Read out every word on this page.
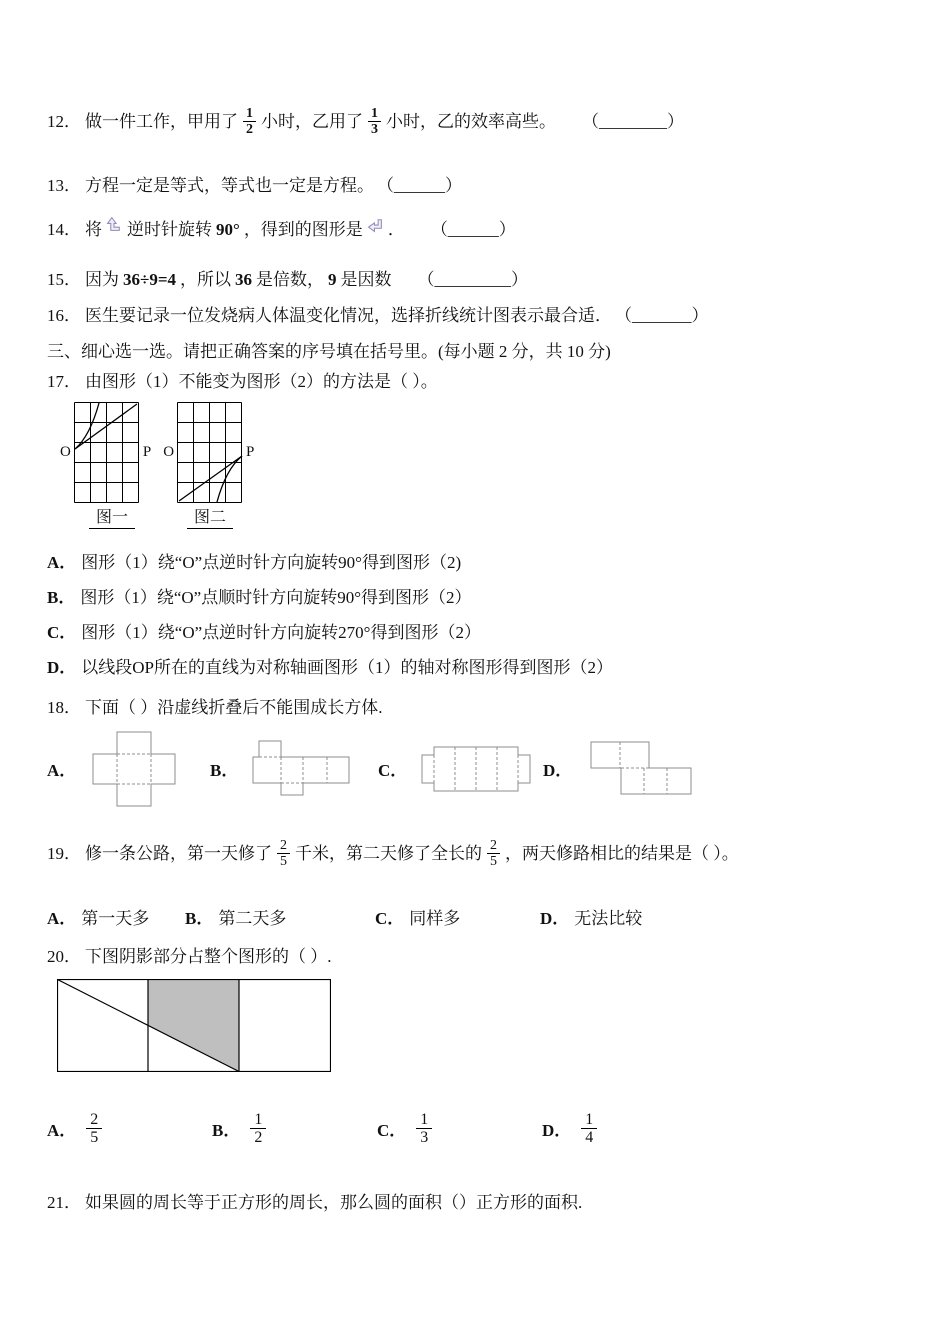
12． 做一件工作，甲用了 $\frac{1}{2}$ 小时，乙用了 $\frac{1}{3}$ 小时，乙的效率高些。 （________）
13． 方程一定是等式，等式也一定是方程。 （______）
14． 将 逆时针旋转 90° ，得到的图形是 ． （______）
15． 因为 36÷9=4 ，所以 36 是倍数， 9 是因数 （_________）
16． 医生要记录一位发烧病人体温变化情况，选择折线统计图表示最合适． （_______）
三、细心选一选。请把正确答案的序号填在括号里。(每小题 2 分，共 10 分)
17． 由图形（1）不能变为图形（2）的方法是（ ）。
O	P O	P
图一	图二
A． 图形（1）绕“O”点逆时针方向旋转90°得到图形（2)
B． 图形（1）绕“O”点顺时针方向旋转90°得到图形（2）
C． 图形（1）绕“O”点逆时针方向旋转270°得到图形（2）
D． 以线段OP所在的直线为对称轴画图形（1）的轴对称图形得到图形（2）
18． 下面（ ）沿虚线折叠后不能围成长方体.
A．	B．	C．	D．
19． 修一条公路，第一天修了 $\frac{2}{5}$ 千米，第二天修了全长的 $\frac{2}{5}$ ，两天修路相比的结果是（ ）。
A． 第一天多 B． 第二天多	C． 同样多	D． 无法比较
20． 下图阴影部分占整个图形的（ ）.
A． $\frac{2}{5}$	B． $\frac{1}{2}$	C． $\frac{1}{3}$	D． $\frac{1}{4}$
21． 如果圆的周长等于正方形的周长，那么圆的面积（）正方形的面积.
